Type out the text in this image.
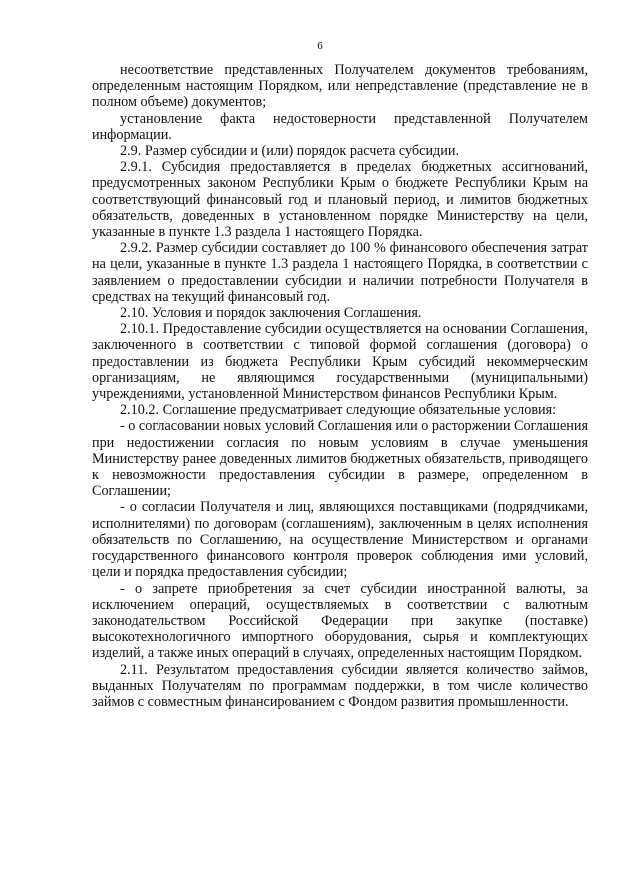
6

несоответствие представленных Получателем документов требованиям, определенным настоящим Порядком, или непредставление (представление не в полном объеме) документов;

установление факта недостоверности представленной Получателем информации.

2.9. Размер субсидии и (или) порядок расчета субсидии.

2.9.1. Субсидия предоставляется в пределах бюджетных ассигнований, предусмотренных законом Республики Крым о бюджете Республики Крым на соответствующий финансовый год и плановый период, и лимитов бюджетных обязательств, доведенных в установленном порядке Министерству на цели, указанные в пункте 1.3 раздела 1 настоящего Порядка.

2.9.2. Размер субсидии составляет до 100 % финансового обеспечения затрат на цели, указанные в пункте 1.3 раздела 1 настоящего Порядка, в соответствии с заявлением о предоставлении субсидии и наличии потребности Получателя в средствах на текущий финансовый год.

2.10. Условия и порядок заключения Соглашения.

2.10.1. Предоставление субсидии осуществляется на основании Соглашения, заключенного в соответствии с типовой формой соглашения (договора) о предоставлении из бюджета Республики Крым субсидий некоммерческим организациям, не являющимся государственными (муниципальными) учреждениями, установленной Министерством финансов Республики Крым.

2.10.2. Соглашение предусматривает следующие обязательные условия:

- о согласовании новых условий Соглашения или о расторжении Соглашения при недостижении согласия по новым условиям в случае уменьшения Министерству ранее доведенных лимитов бюджетных обязательств, приводящего к невозможности предоставления субсидии в размере, определенном в Соглашении;

- о согласии Получателя и лиц, являющихся поставщиками (подрядчиками, исполнителями) по договорам (соглашениям), заключенным в целях исполнения обязательств по Соглашению, на осуществление Министерством и органами государственного финансового контроля проверок соблюдения ими условий, цели и порядка предоставления субсидии;

- о запрете приобретения за счет субсидии иностранной валюты, за исключением операций, осуществляемых в соответствии с валютным законодательством Российской Федерации при закупке (поставке) высокотехнологичного импортного оборудования, сырья и комплектующих изделий, а также иных операций в случаях, определенных настоящим Порядком.

2.11. Результатом предоставления субсидии является количество займов, выданных Получателям по программам поддержки, в том числе количество займов с совместным финансированием с Фондом развития промышленности.
